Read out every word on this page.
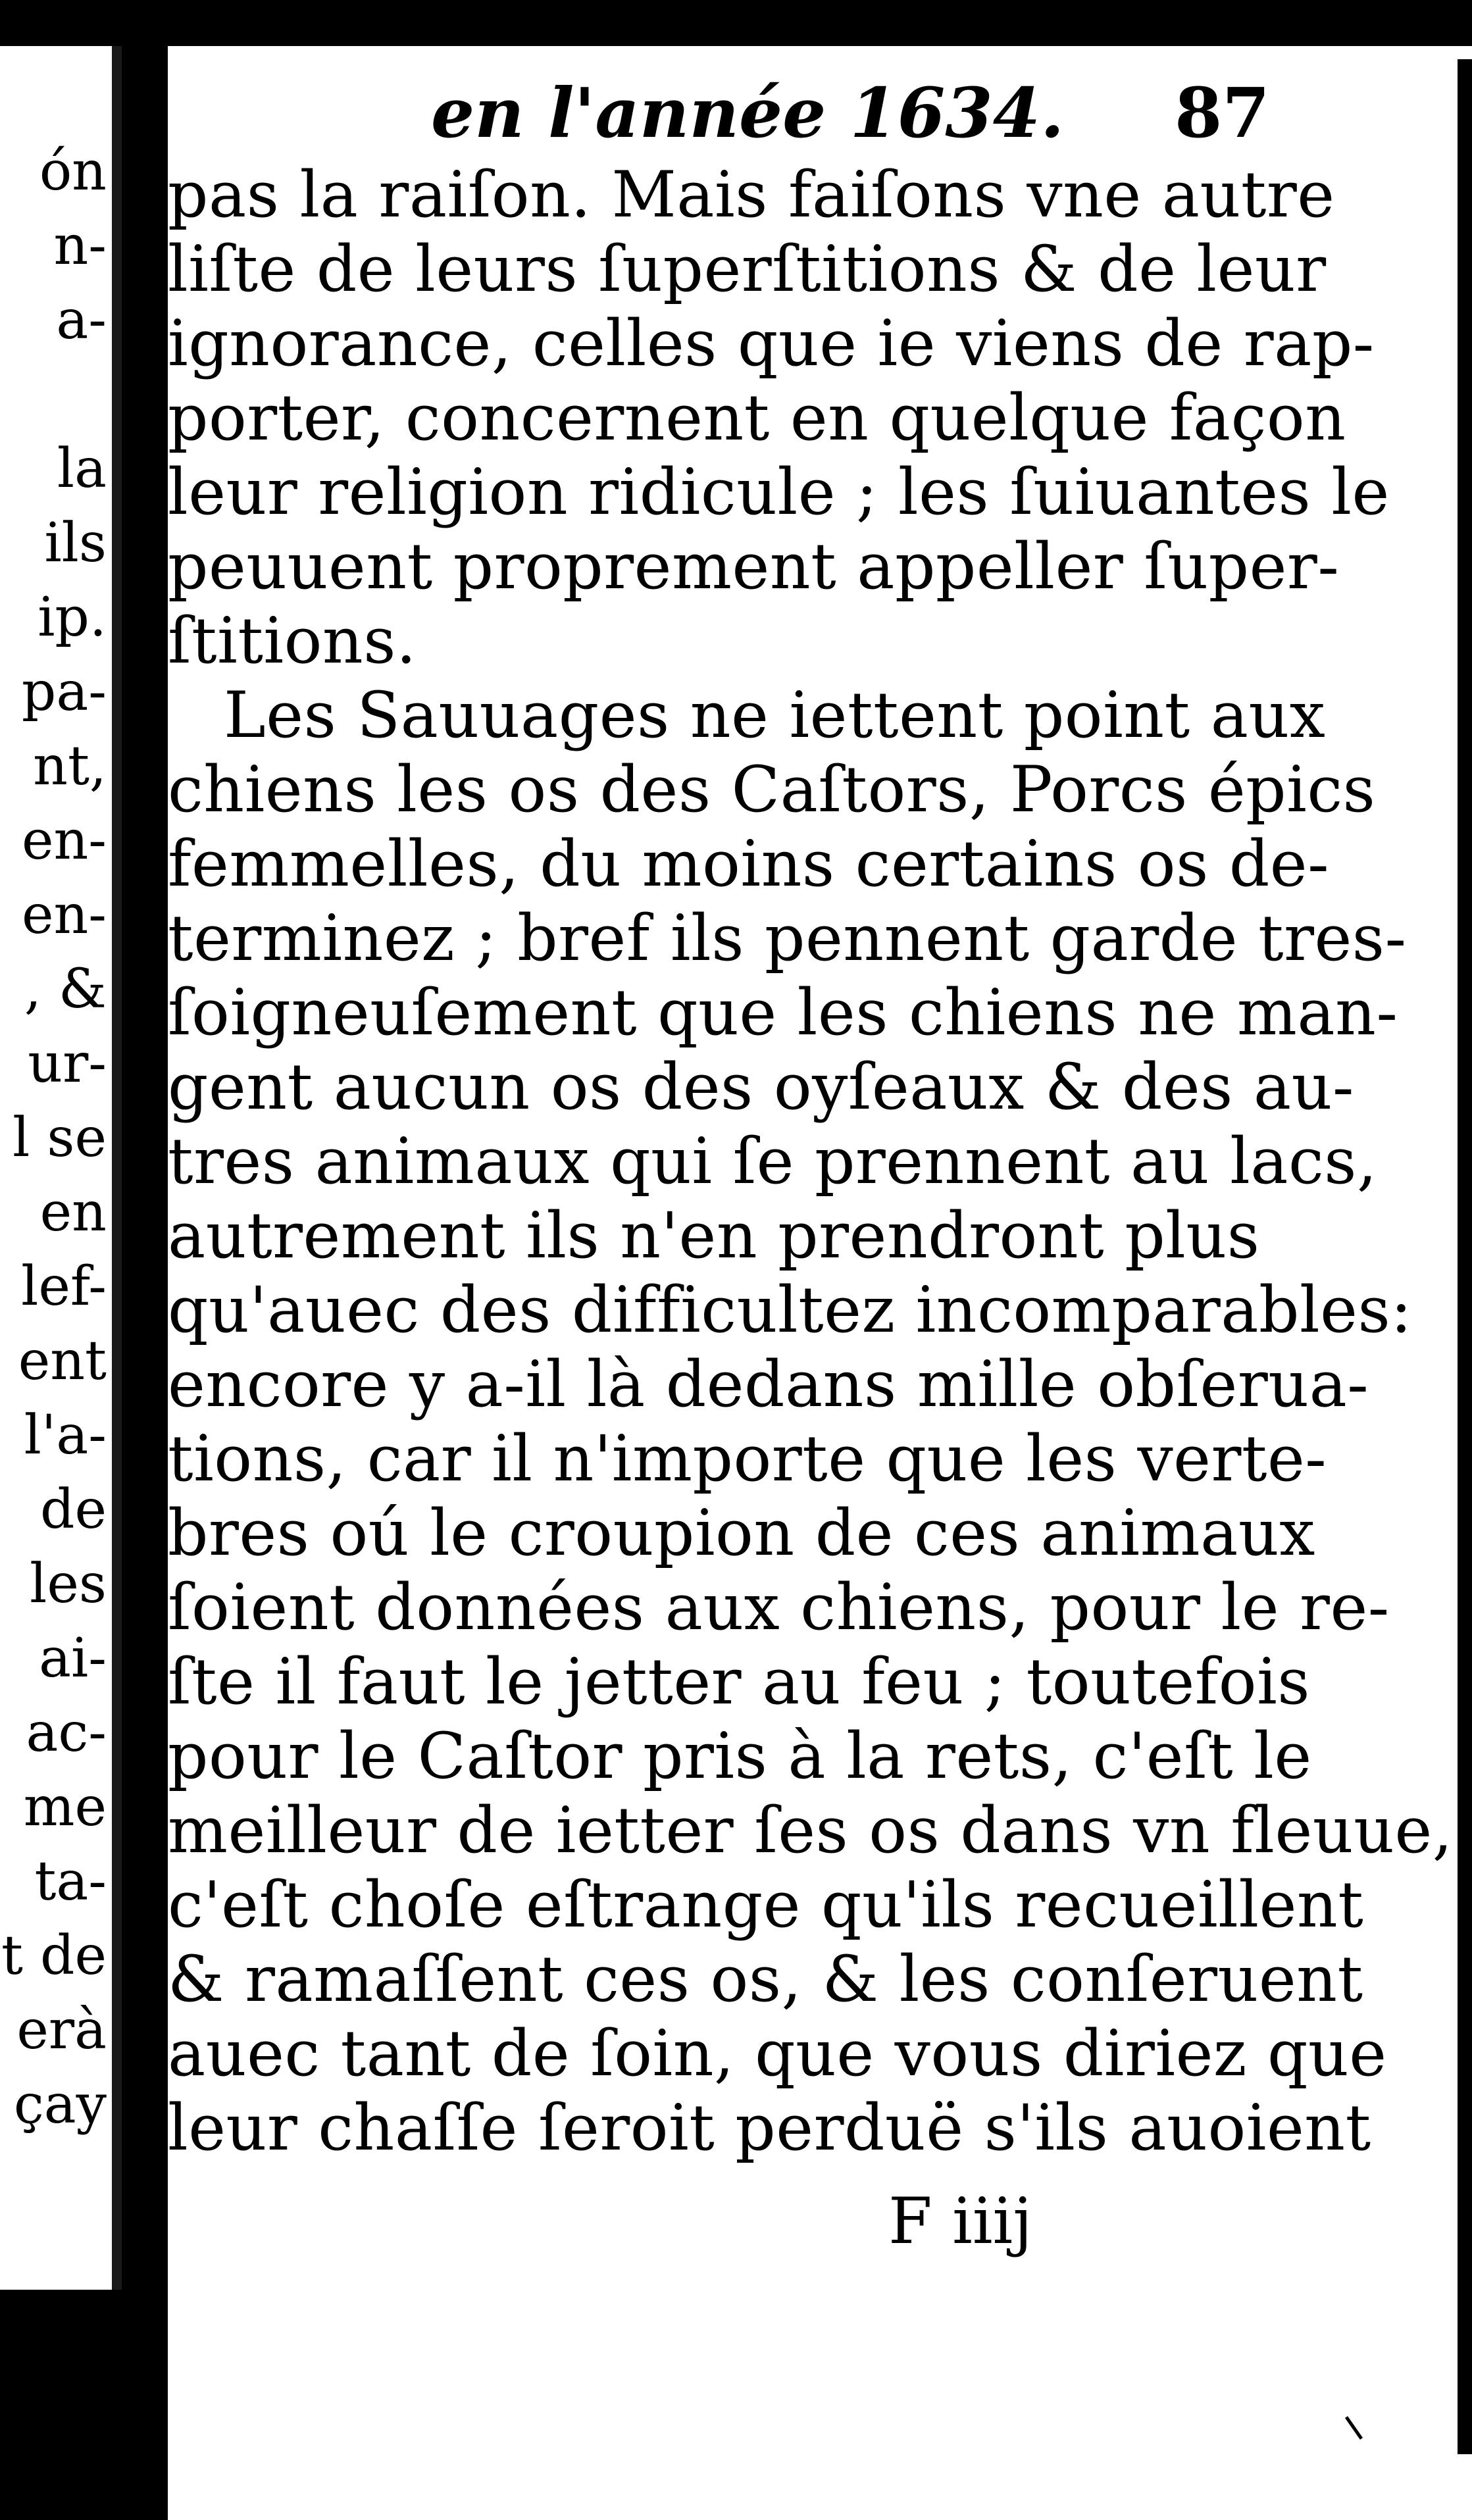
ón
n-
a-
la
ils
ip.
pa-
nt,
en-
en-
, &
ur-
l se
en
lef-
ent
l'a-
de
les
ai-
ac-
me
ta-
t de
erà
çay
en l'année 1634. 87
pas la raiſon. Mais faiſons vne autre
liſte de leurs ſuperſtitions & de leur
ignorance, celles que ie viens de rap-
porter, concernent en quelque façon
leur religion ridicule ; les ſuiuantes le
peuuent proprement appeller ſuper-
ſtitions.
Les Sauuages ne iettent point aux
chiens les os des Caſtors, Porcs épics
femmelles, du moins certains os de-
terminez ; bref ils pennent garde tres-
ſoigneuſement que les chiens ne man-
gent aucun os des oyſeaux & des au-
tres animaux qui ſe prennent au lacs,
autrement ils n'en prendront plus
qu'auec des difficultez incomparables:
encore y a-il là dedans mille obſerua-
tions, car il n'importe que les verte-
bres oú le croupion de ces animaux
ſoient données aux chiens, pour le re-
ſte il faut le jetter au feu ; toutefois
pour le Caſtor pris à la rets, c'eſt le
meilleur de ietter ſes os dans vn fleuue,
c'eſt choſe eſtrange qu'ils recueillent
& ramaſſent ces os, & les conſeruent
auec tant de ſoin, que vous diriez que
leur chaſſe ſeroit perduë s'ils auoient
F iiij
